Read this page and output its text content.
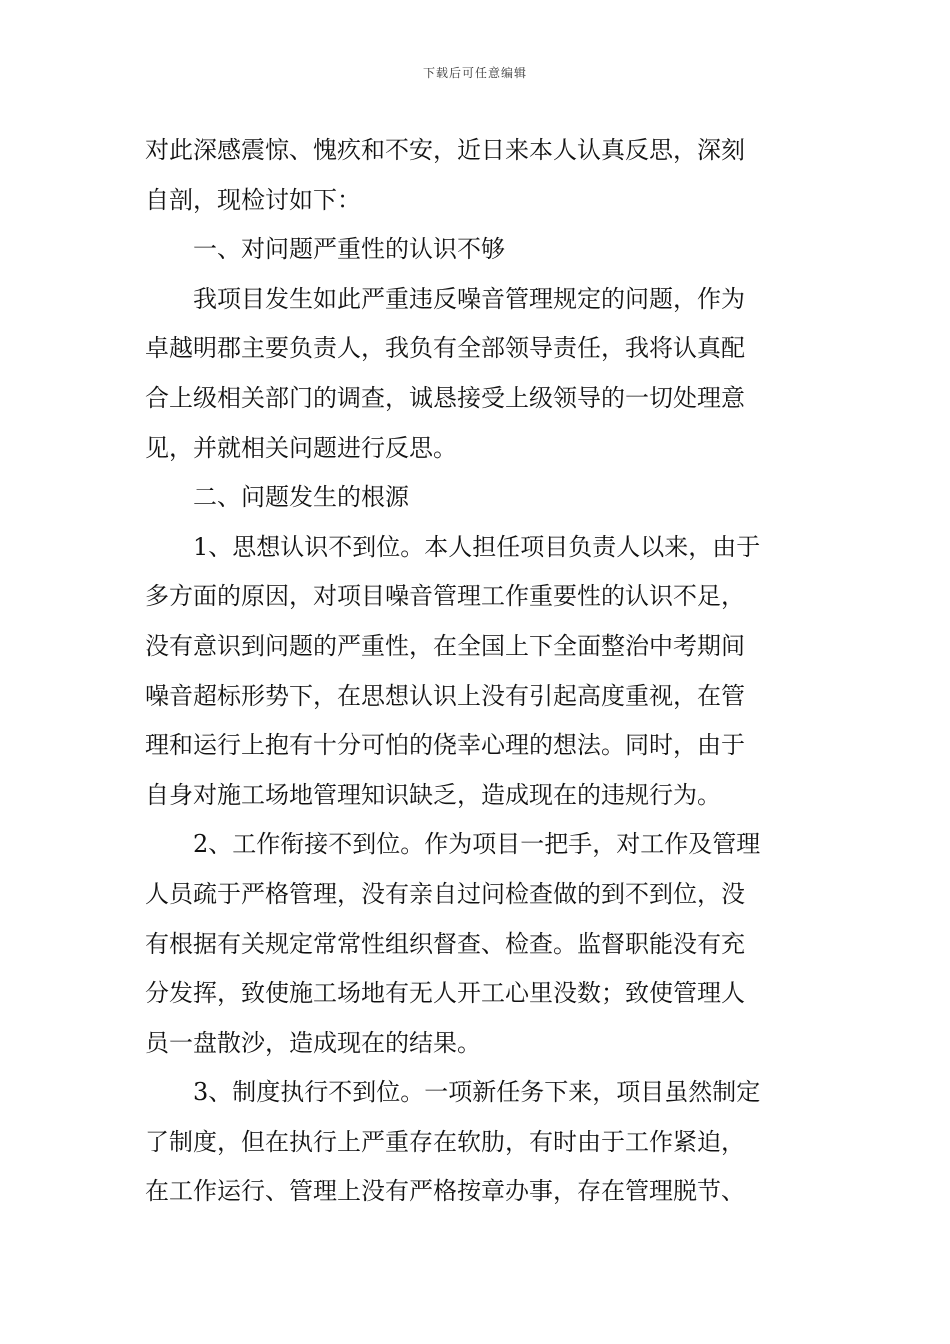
下载后可任意编辑
对此深感震惊、愧疚和不安，近日来本人认真反思，深刻
自剖，现检讨如下：
一、对问题严重性的认识不够
我项目发生如此严重违反噪音管理规定的问题，作为
卓越明郡主要负责人，我负有全部领导责任，我将认真配
合上级相关部门的调查，诚恳接受上级领导的一切处理意
见，并就相关问题进行反思。
二、问题发生的根源
1、思想认识不到位。本人担任项目负责人以来，由于
多方面的原因，对项目噪音管理工作重要性的认识不足，
没有意识到问题的严重性，在全国上下全面整治中考期间
噪音超标形势下，在思想认识上没有引起高度重视，在管
理和运行上抱有十分可怕的侥幸心理的想法。同时，由于
自身对施工场地管理知识缺乏，造成现在的违规行为。
2、工作衔接不到位。作为项目一把手，对工作及管理
人员疏于严格管理，没有亲自过问检查做的到不到位，没
有根据有关规定常常性组织督查、检查。监督职能没有充
分发挥，致使施工场地有无人开工心里没数；致使管理人
员一盘散沙，造成现在的结果。
3、制度执行不到位。一项新任务下来，项目虽然制定
了制度，但在执行上严重存在软肋，有时由于工作紧迫，
在工作运行、管理上没有严格按章办事，存在管理脱节、
